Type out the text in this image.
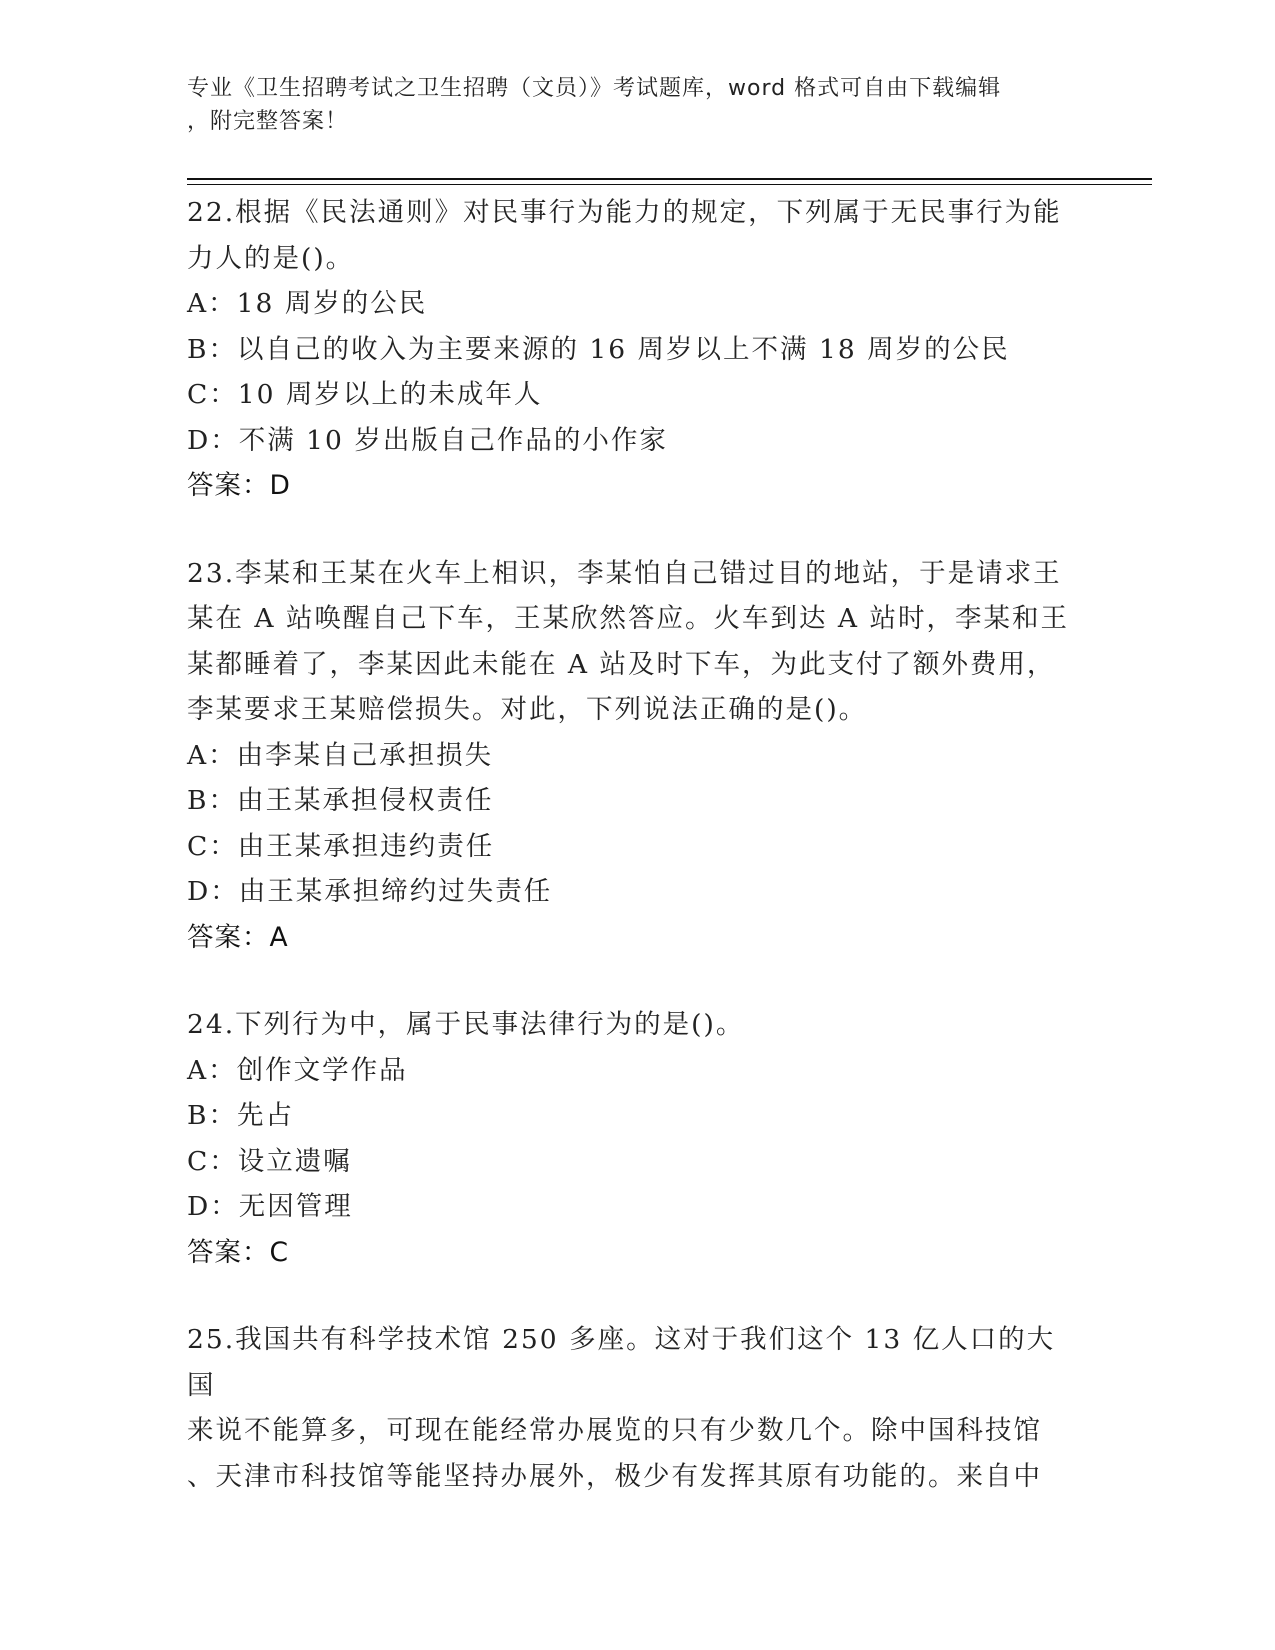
专业《卫生招聘考试之卫生招聘（文员）》考试题库，word 格式可自由下载编辑
，附完整答案！

22.根据《民法通则》对民事行为能力的规定，下列属于无民事行为能

力人的是()。

A：18 周岁的公民

B：以自己的收入为主要来源的 16 周岁以上不满 18 周岁的公民

C：10 周岁以上的未成年人

D：不满 10 岁出版自己作品的小作家

答案：D

23.李某和王某在火车上相识，李某怕自己错过目的地站，于是请求王

某在 A 站唤醒自己下车，王某欣然答应。火车到达 A 站时，李某和王

某都睡着了，李某因此未能在 A 站及时下车，为此支付了额外费用，

李某要求王某赔偿损失。对此，下列说法正确的是()。

A：由李某自己承担损失

B：由王某承担侵权责任

C：由王某承担违约责任

D：由王某承担缔约过失责任

答案：A

24.下列行为中，属于民事法律行为的是()。

A：创作文学作品

B：先占

C：设立遗嘱

D：无因管理

答案：C

25.我国共有科学技术馆 250 多座。这对于我们这个 13 亿人口的大国

来说不能算多，可现在能经常办展览的只有少数几个。除中国科技馆

、天津市科技馆等能坚持办展外，极少有发挥其原有功能的。来自中
